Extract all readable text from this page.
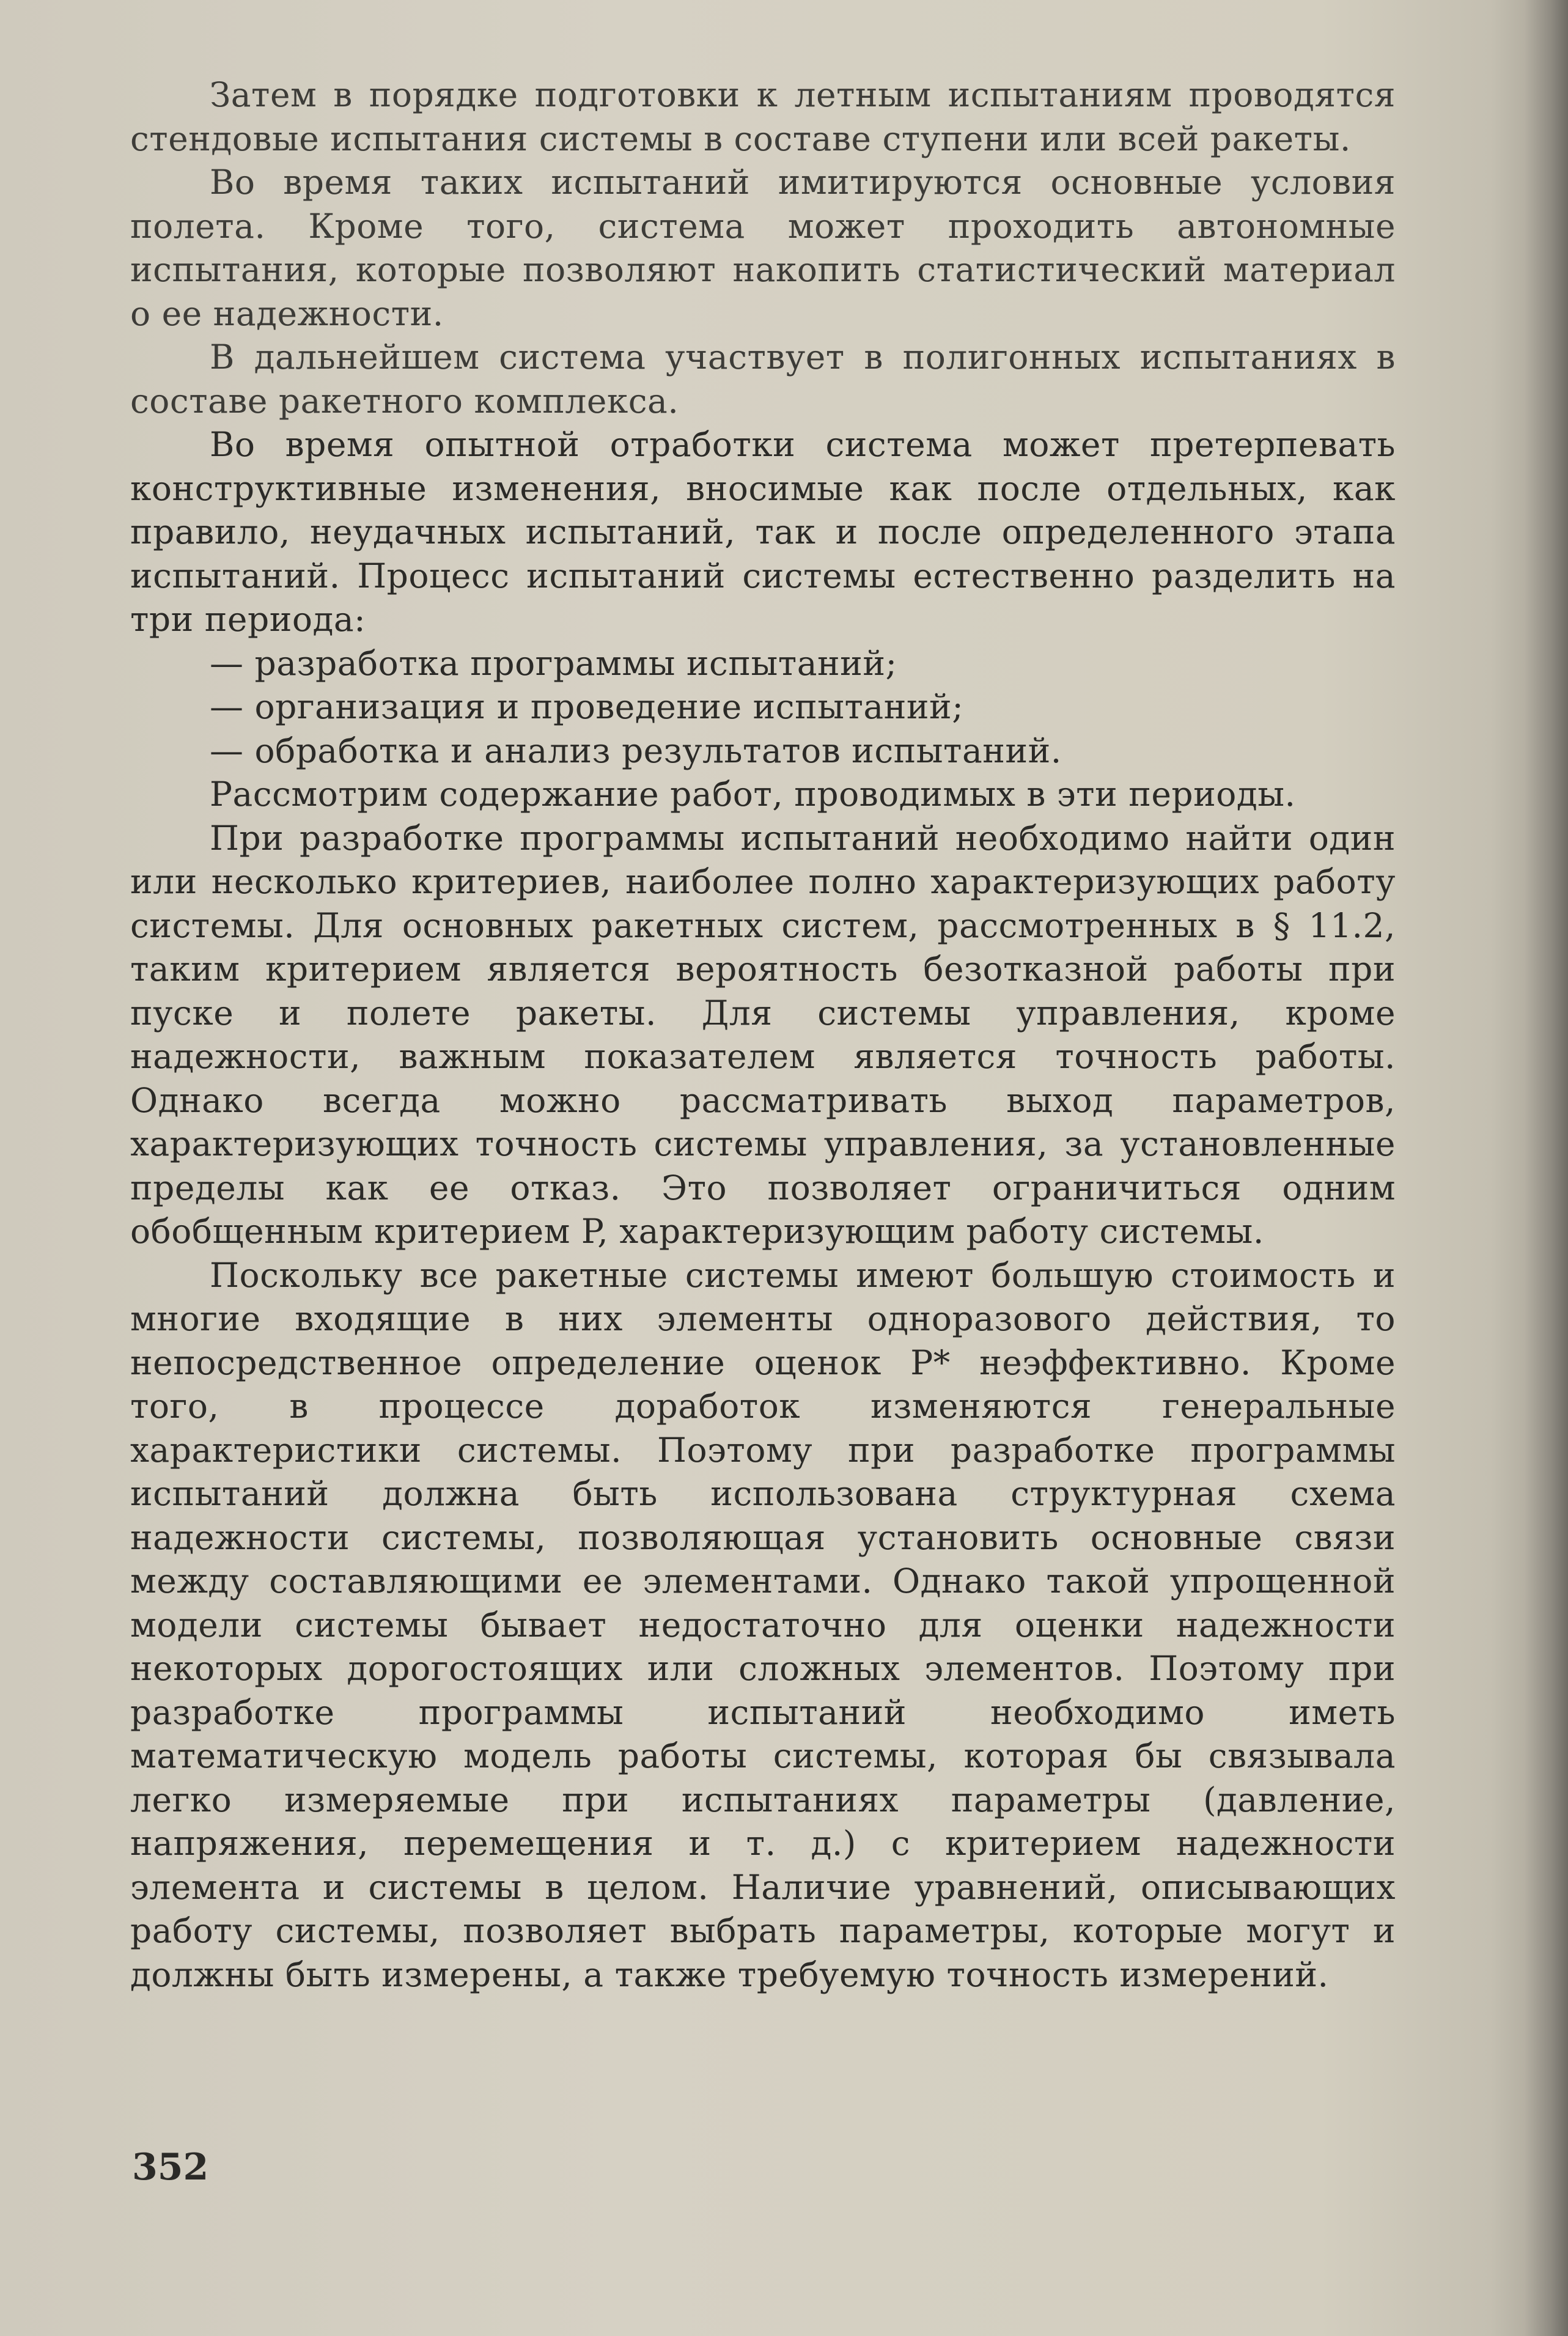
Затем в порядке подготовки к летным испытаниям проводятся стендовые испытания системы в составе ступени или всей ракеты.

Во время таких испытаний имитируются основные условия полета. Кроме того, система может проходить автономные испытания, которые позволяют накопить статистический материал о ее надежности.

В дальнейшем система участвует в полигонных испытаниях в составе ракетного комплекса.

Во время опытной отработки система может претерпевать конструктивные изменения, вносимые как после отдельных, как правило, неудачных испытаний, так и после определенного этапа испытаний. Процесс испытаний системы естественно разделить на три периода:

— разработка программы испытаний;
— организация и проведение испытаний;
— обработка и анализ результатов испытаний.

Рассмотрим содержание работ, проводимых в эти периоды.

При разработке программы испытаний необходимо найти один или несколько критериев, наиболее полно характеризующих работу системы. Для основных ракетных систем, рассмотренных в § 11.2, таким критерием является вероятность безотказной работы при пуске и полете ракеты. Для системы управления, кроме надежности, важным показателем является точность работы. Однако всегда можно рассматривать выход параметров, характеризующих точность системы управления, за установленные пределы как ее отказ. Это позволяет ограничиться одним обобщенным критерием P, характеризующим работу системы.

Поскольку все ракетные системы имеют большую стоимость и многие входящие в них элементы одноразового действия, то непосредственное определение оценок P* неэффективно. Кроме того, в процессе доработок изменяются генеральные характеристики системы. Поэтому при разработке программы испытаний должна быть использована структурная схема надежности системы, позволяющая установить основные связи между составляющими ее элементами. Однако такой упрощенной модели системы бывает недостаточно для оценки надежности некоторых дорогостоящих или сложных элементов. Поэтому при разработке программы испытаний необходимо иметь математическую модель работы системы, которая бы связывала легко измеряемые при испытаниях параметры (давление, напряжения, перемещения и т. д.) с критерием надежности элемента и системы в целом. Наличие уравнений, описывающих работу системы, позволяет выбрать параметры, которые могут и должны быть измерены, а также требуемую точность измерений.

352
